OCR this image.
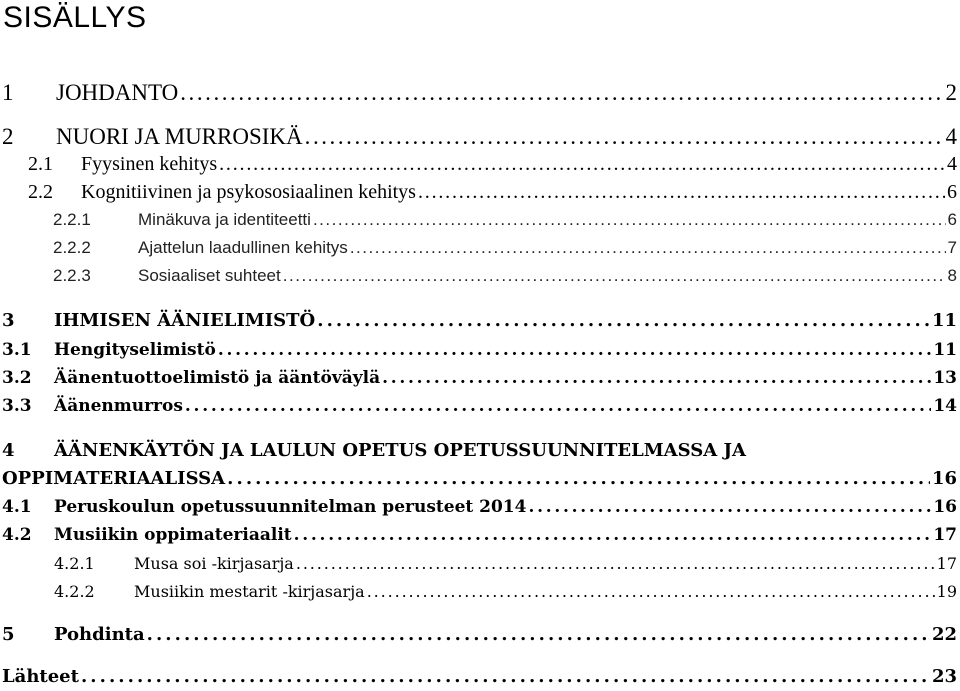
SISÄLLYS
1	JOHDANTO . . .	2
2	NUORI JA MURROSIKÄ . . .	4
2.1	Fyysinen kehitys . . .	4
2.2	Kognitiivinen ja psykososiaalinen kehitys . . .	6
2.2.1	Minäkuva ja identiteetti . . .	6
2.2.2	Ajattelun laadullinen kehitys . . .	7
2.2.3	Sosiaaliset suhteet . . .	8
3	IHMISEN ÄÄNIELIMISTÖ . . .	11
3.1	Hengityselimistö . . .	11
3.2	Äänentuottoelimistö ja ääntöväylä . . .	13
3.3	Äänenmurros . . .	14
4 ÄÄNENKÄYTÖN JA LAULUN OPETUS OPETUSSUUNNITELMASSA JA
OPPIMATERIAALISSA . . .	16
4.1	Peruskoulun opetussuunnitelman perusteet 2014 . . .	16
4.2	Musiikin oppimateriaalit . . .	17
4.2.1	Musa soi -kirjasarja . . .	17
4.2.2	Musiikin mestarit -kirjasarja . . .	19
5	Pohdinta . . .	22
Lähteet . . .	23
